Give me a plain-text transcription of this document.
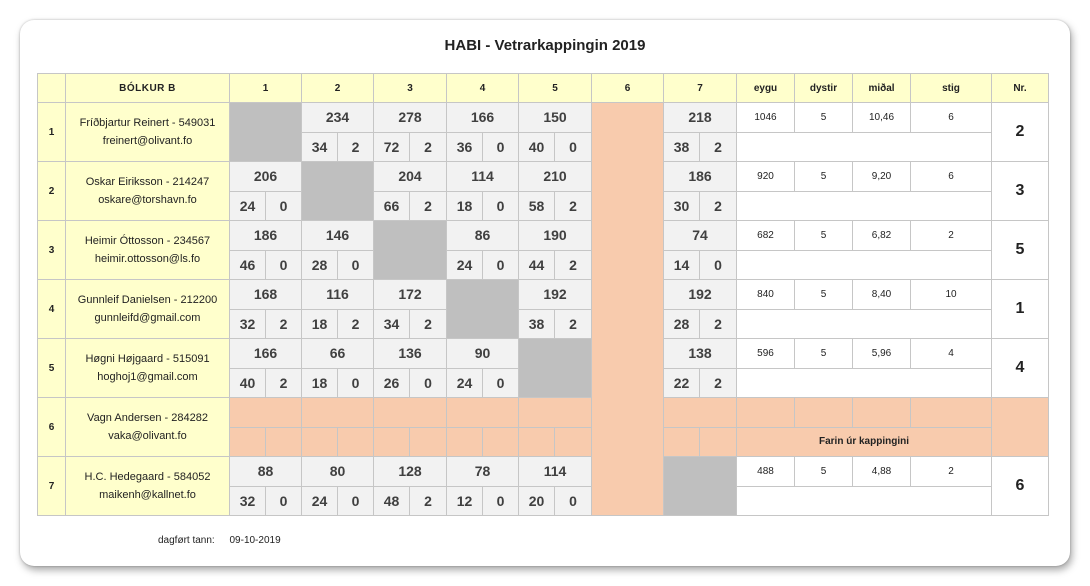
HABI - Vetrarkappingin 2019
	BÓLKUR B	1		2		3		4		5		6	7		eygu	dystir	miðal	stig	Nr.
1	Fríðbjartur Reinert - 549031
freinert@olivant.fo			234		278		166		150			218		1046	5	10,46	6	2
				34	2	72	2	36	0	40	0		38	2					
2	Oskar Eiriksson - 214247
oskare@torshavn.fo	206				204		114		210			186		920	5	9,20	6	3
		24	0			66	2	18	0	58	2		30	2					
3	Heimir Óttosson - 234567
heimir.ottosson@ls.fo	186		146				86		190			74		682	5	6,82	2	5
		46	0	28	0			24	0	44	2		14	0					
4	Gunnleif Danielsen - 212200
gunnleifd@gmail.com	168		116		172				192			192		840	5	8,40	10	1
		32	2	18	2	34	2			38	2		28	2					
5	Høgni Højgaard - 515091
hoghoj1@gmail.com	166		66		136		90					138		596	5	5,96	4	4
		40	2	18	0	26	0	24	0				22	2					
6	Vagn Andersen - 284282
vaka@olivant.fo																		

															Farin úr kappingini				
7	H.C. Hedegaard - 584052
maikenh@kallnet.fo	88		80		128		78		114					488	5	4,88	2	6
		32	0	24	0	48	2	12	0	20	0								
dagført tann: 09-10-2019
